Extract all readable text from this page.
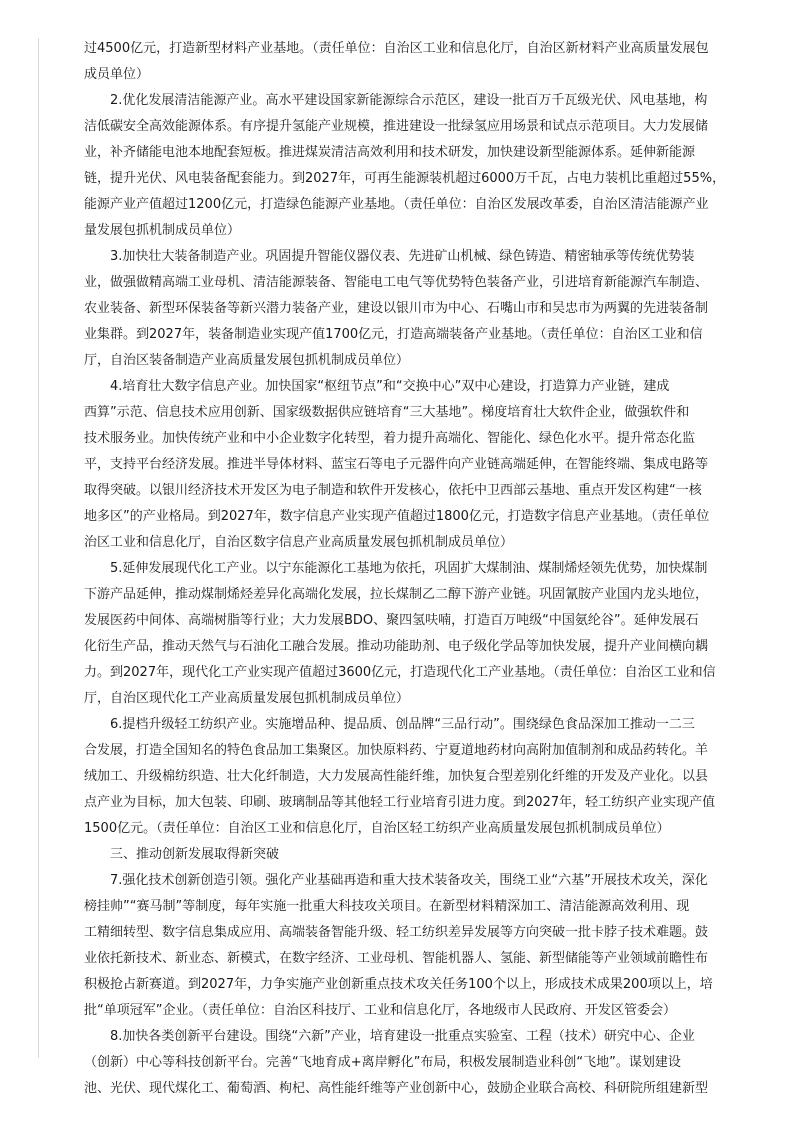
过4500亿元，打造新型材料产业基地。（责任单位：自治区工业和信息化厅，自治区新材料产业高质量发展包
成员单位）
2.优化发展清洁能源产业。高水平建设国家新能源综合示范区，建设一批百万千瓦级光伏、风电基地，构
洁低碳安全高效能源体系。有序提升氢能产业规模，推进建设一批绿氢应用场景和试点示范项目。大力发展储
业，补齐储能电池本地配套短板。推进煤炭清洁高效利用和技术研发，加快建设新型能源体系。延伸新能源
链，提升光伏、风电装备配套能力。到2027年，可再生能源装机超过6000万千瓦，占电力装机比重超过55%，
能源产业产值超过1200亿元，打造绿色能源产业基地。（责任单位：自治区发展改革委，自治区清洁能源产业
量发展包抓机制成员单位）
3.加快壮大装备制造产业。巩固提升智能仪器仪表、先进矿山机械、绿色铸造、精密轴承等传统优势装
业，做强做精高端工业母机、清洁能源装备、智能电工电气等优势特色装备产业，引进培育新能源汽车制造、
农业装备、新型环保装备等新兴潜力装备产业，建设以银川市为中心、石嘴山市和吴忠市为两翼的先进装备制
业集群。到2027年，装备制造业实现产值1700亿元，打造高端装备产业基地。（责任单位：自治区工业和信
厅，自治区装备制造产业高质量发展包抓机制成员单位）
4.培育壮大数字信息产业。加快国家“枢纽节点”和“交换中心”双中心建设，打造算力产业链，建成
西算”示范、信息技术应用创新、国家级数据供应链培育“三大基地”。梯度培育壮大软件企业，做强软件和
技术服务业。加快传统产业和中小企业数字化转型，着力提升高端化、智能化、绿色化水平。提升常态化监
平，支持平台经济发展。推进半导体材料、蓝宝石等电子元器件向产业链高端延伸，在智能终端、集成电路等
取得突破。以银川经济技术开发区为电子制造和软件开发核心，依托中卫西部云基地、重点开发区构建“一核
地多区”的产业格局。到2027年，数字信息产业实现产值超过1800亿元，打造数字信息产业基地。（责任单位
治区工业和信息化厅，自治区数字信息产业高质量发展包抓机制成员单位）
5.延伸发展现代化工产业。以宁东能源化工基地为依托，巩固扩大煤制油、煤制烯烃领先优势，加快煤制
下游产品延伸，推动煤制烯烃差异化高端化发展，拉长煤制乙二醇下游产业链。巩固氰胺产业国内龙头地位，
发展医药中间体、高端树脂等行业；大力发展BDO、聚四氢呋喃，打造百万吨级“中国氨纶谷”。延伸发展石
化衍生产品，推动天然气与石油化工融合发展。推动功能助剂、电子级化学品等加快发展，提升产业间横向耦
力。到2027年，现代化工产业实现产值超过3600亿元，打造现代化工产业基地。（责任单位：自治区工业和信
厅，自治区现代化工产业高质量发展包抓机制成员单位）
6.提档升级轻工纺织产业。实施增品种、提品质、创品牌“三品行动”。围绕绿色食品深加工推动一二三
合发展，打造全国知名的特色食品加工集聚区。加快原料药、宁夏道地药材向高附加值制剂和成品药转化。羊
绒加工、升级棉纺织造、壮大化纤制造，大力发展高性能纤维，加快复合型差别化纤维的开发及产业化。以县
点产业为目标，加大包装、印刷、玻璃制品等其他轻工行业培育引进力度。到2027年，轻工纺织产业实现产值
1500亿元。（责任单位：自治区工业和信息化厅，自治区轻工纺织产业高质量发展包抓机制成员单位）
三、推动创新发展取得新突破
7.强化技术创新创造引领。强化产业基础再造和重大技术装备攻关，围绕工业“六基”开展技术攻关，深化
榜挂帅”“赛马制”等制度，每年实施一批重大科技攻关项目。在新型材料精深加工、清洁能源高效利用、现
工精细转型、数字信息集成应用、高端装备智能升级、轻工纺织差异发展等方向突破一批卡脖子技术难题。鼓
业依托新技术、新业态、新模式，在数字经济、工业母机、智能机器人、氢能、新型储能等产业领域前瞻性布
积极抢占新赛道。到2027年，力争实施产业创新重点技术攻关任务100个以上，形成技术成果200项以上，培
批“单项冠军”企业。（责任单位：自治区科技厅、工业和信息化厅，各地级市人民政府、开发区管委会）
8.加快各类创新平台建设。围绕“六新”产业，培育建设一批重点实验室、工程（技术）研究中心、企业
（创新）中心等科技创新平台。完善“飞地育成+离岸孵化”布局，积极发展制造业科创“飞地”。谋划建设
池、光伏、现代煤化工、葡萄酒、枸杞、高性能纤维等产业创新中心，鼓励企业联合高校、科研院所组建新型
